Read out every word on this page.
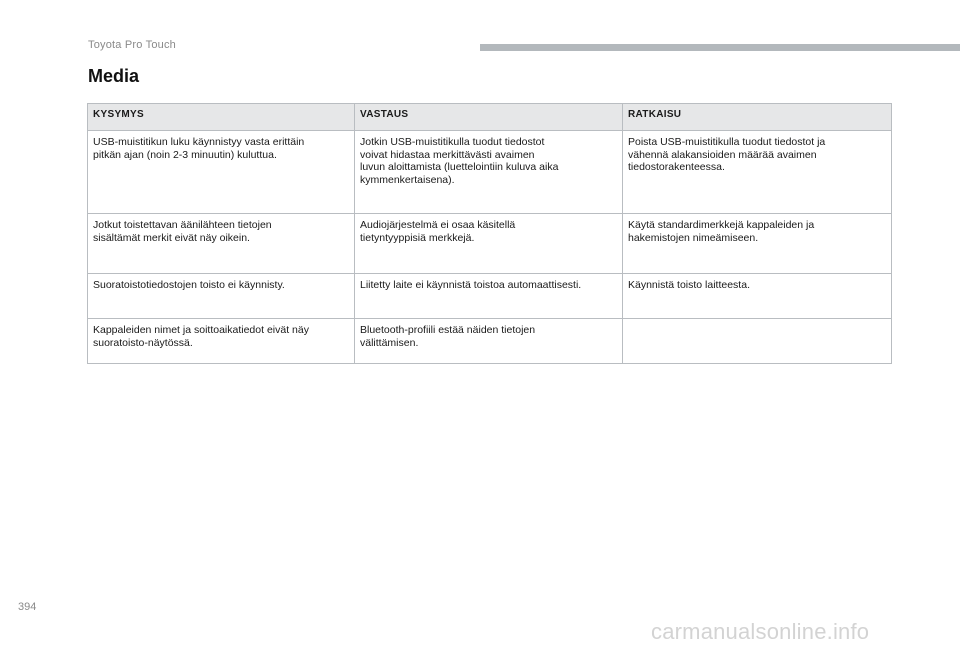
Toyota Pro Touch
Media
KYSYMYS	VASTAUS	RATKAISU

USB-muistitikun luku käynnistyy vasta erittäin
pitkän ajan (noin 2-3 minuutin) kuluttua.	Jotkin USB-muistitikulla tuodut tiedostot
voivat hidastaa merkittävästi avaimen
luvun aloittamista (luettelointiin kuluva aika
kymmenkertaisena).	Poista USB-muistitikulla tuodut tiedostot ja
vähennä alakansioiden määrää avaimen
tiedostorakenteessa.

Jotkut toistettavan äänilähteen tietojen
sisältämät merkit eivät näy oikein.	Audiojärjestelmä ei osaa käsitellä
tietyntyyppisiä merkkejä.	Käytä standardimerkkejä kappaleiden ja
hakemistojen nimeämiseen.

Suoratoistotiedostojen toisto ei käynnisty.	Liitetty laite ei käynnistä toistoa automaattisesti.	Käynnistä toisto laitteesta.

Kappaleiden nimet ja soittoaikatiedot eivät näy
suoratoisto-näytössä.	Bluetooth-profiili estää näiden tietojen
välittämisen.	

394
carmanualsonline.info
